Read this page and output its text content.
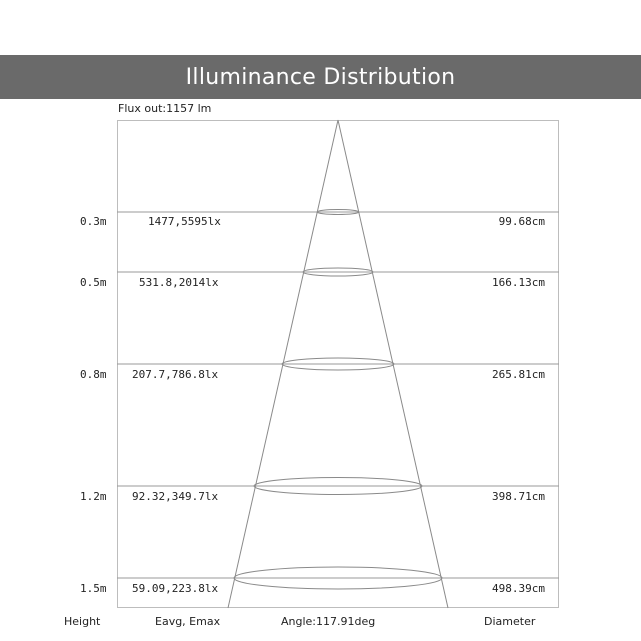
Illuminance Distribution
Flux out:1157 lm
0.3m	1477,5595lx	99.68cm
0.5m	531.8,2014lx	166.13cm
0.8m	207.7,786.8lx	265.81cm
1.2m	92.32,349.7lx	398.71cm
1.5m	59.09,223.8lx	498.39cm
Height	Eavg, Emax	Angle:117.91deg	Diameter
